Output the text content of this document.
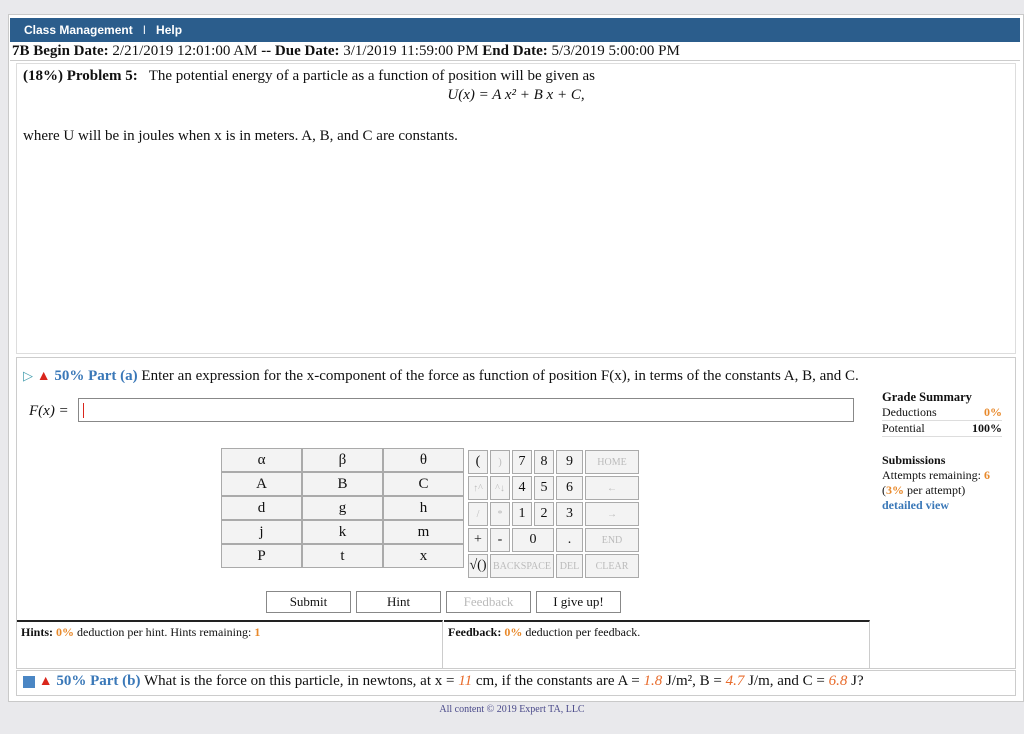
Class Management I Help
7B Begin Date: 2/21/2019 12:01:00 AM -- Due Date: 3/1/2019 11:59:00 PM End Date: 5/3/2019 5:00:00 PM
(18%) Problem 5: The potential energy of a particle as a function of position will be given as
U(x) = A x² + B x + C,
where U will be in joules when x is in meters. A, B, and C are constants.
▷ ▲ 50% Part (a) Enter an expression for the x-component of the force as function of position F(x), in terms of the constants A, B, and C.
F(x) =
Grade Summary
Deductions	0%
Potential	100%
Submissions
Attempts remaining: 6
(3% per attempt)
detailed view
α	β	θ
A	B	C
d	g	h
j	k	m
P	t	x
(	)	7	8	9	HOME
↑^	^↓	4	5	6	←
/	*	1	2	3	→
+	-	0		.	END
√()	BACKSPACE			DEL	CLEAR
Submit	Hint	Feedback	I give up!
Hints: 0% deduction per hint. Hints remaining: 1	Feedback: 0% deduction per feedback.
▲ 50% Part (b) What is the force on this particle, in newtons, at x = 11 cm, if the constants are A = 1.8 J/m², B = 4.7 J/m, and C = 6.8 J?
All content © 2019 Expert TA, LLC
